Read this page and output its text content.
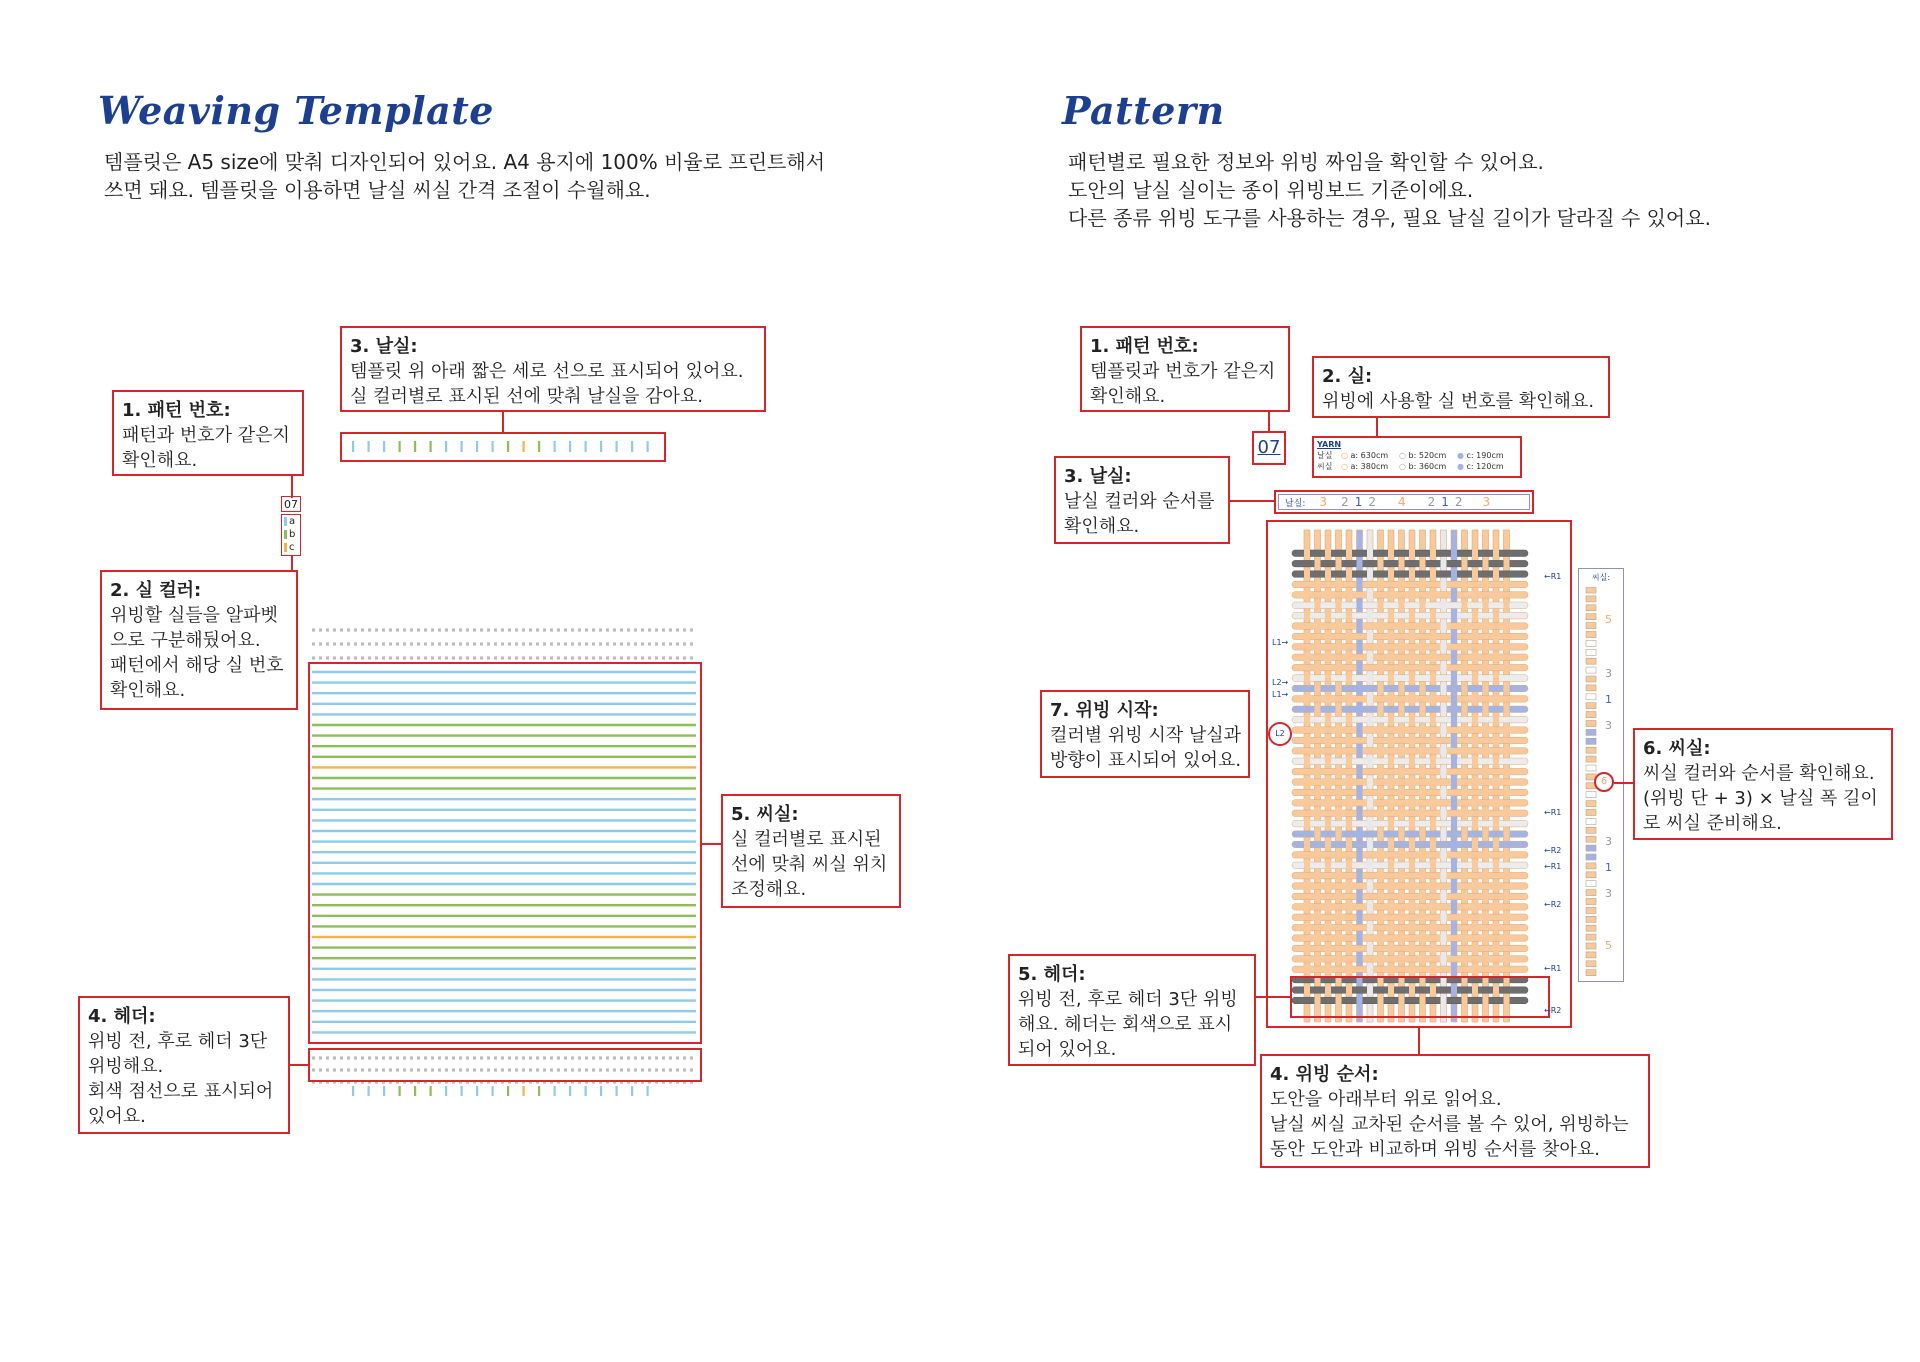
Weaving Template
템플릿은 A5 size에 맞춰 디자인되어 있어요. A4 용지에 100% 비율로 프린트해서
쓰면 돼요. 템플릿을 이용하면 날실 씨실 간격 조절이 수월해요.
1. 패턴 번호:
패턴과 번호가 같은지
확인해요.
07
a
b
c
2. 실 컬러:
위빙할 실들을 알파벳
으로 구분해뒀어요.
패턴에서 해당 실 번호
확인해요.
3. 날실:
템플릿 위 아래 짧은 세로 선으로 표시되어 있어요.
실 컬러별로 표시된 선에 맞춰 날실을 감아요.
5. 씨실:
실 컬러별로 표시된
선에 맞춰 씨실 위치
조정해요.
4. 헤더:
위빙 전, 후로 헤더 3단
위빙해요.
회색 점선으로 표시되어
있어요.
Pattern
패턴별로 필요한 정보와 위빙 짜임을 확인할 수 있어요.
도안의 날실 실이는 종이 위빙보드 기준이에요.
다른 종류 위빙 도구를 사용하는 경우, 필요 날실 길이가 달라질 수 있어요.
1. 패턴 번호:
템플릿과 번호가 같은지
확인해요.
07
2. 실:
위빙에 사용할 실 번호를 확인해요.
YARN
날실	○ a: 630cm	○ b: 520cm	● c: 190cm
씨실	○ a: 380cm	○ b: 360cm	● c: 120cm
3. 날실:
날실 컬러와 순서를
확인해요.
날실: 3 2 1 2 4 2 1 2 3
L1→
L2→
L1→
L2
←R1
←R1
←R2
←R1
←R2
←R1
←R2
씨실:
5
3
1
3
3
1
3
5
6
6. 씨실:
씨실 컬러와 순서를 확인해요.
(위빙 단 + 3) × 날실 폭 길이
로 씨실 준비해요.
7. 위빙 시작:
컬러별 위빙 시작 날실과
방향이 표시되어 있어요.
5. 헤더:
위빙 전, 후로 헤더 3단 위빙
해요. 헤더는 회색으로 표시
되어 있어요.
4. 위빙 순서:
도안을 아래부터 위로 읽어요.
날실 씨실 교차된 순서를 볼 수 있어, 위빙하는
동안 도안과 비교하며 위빙 순서를 찾아요.
